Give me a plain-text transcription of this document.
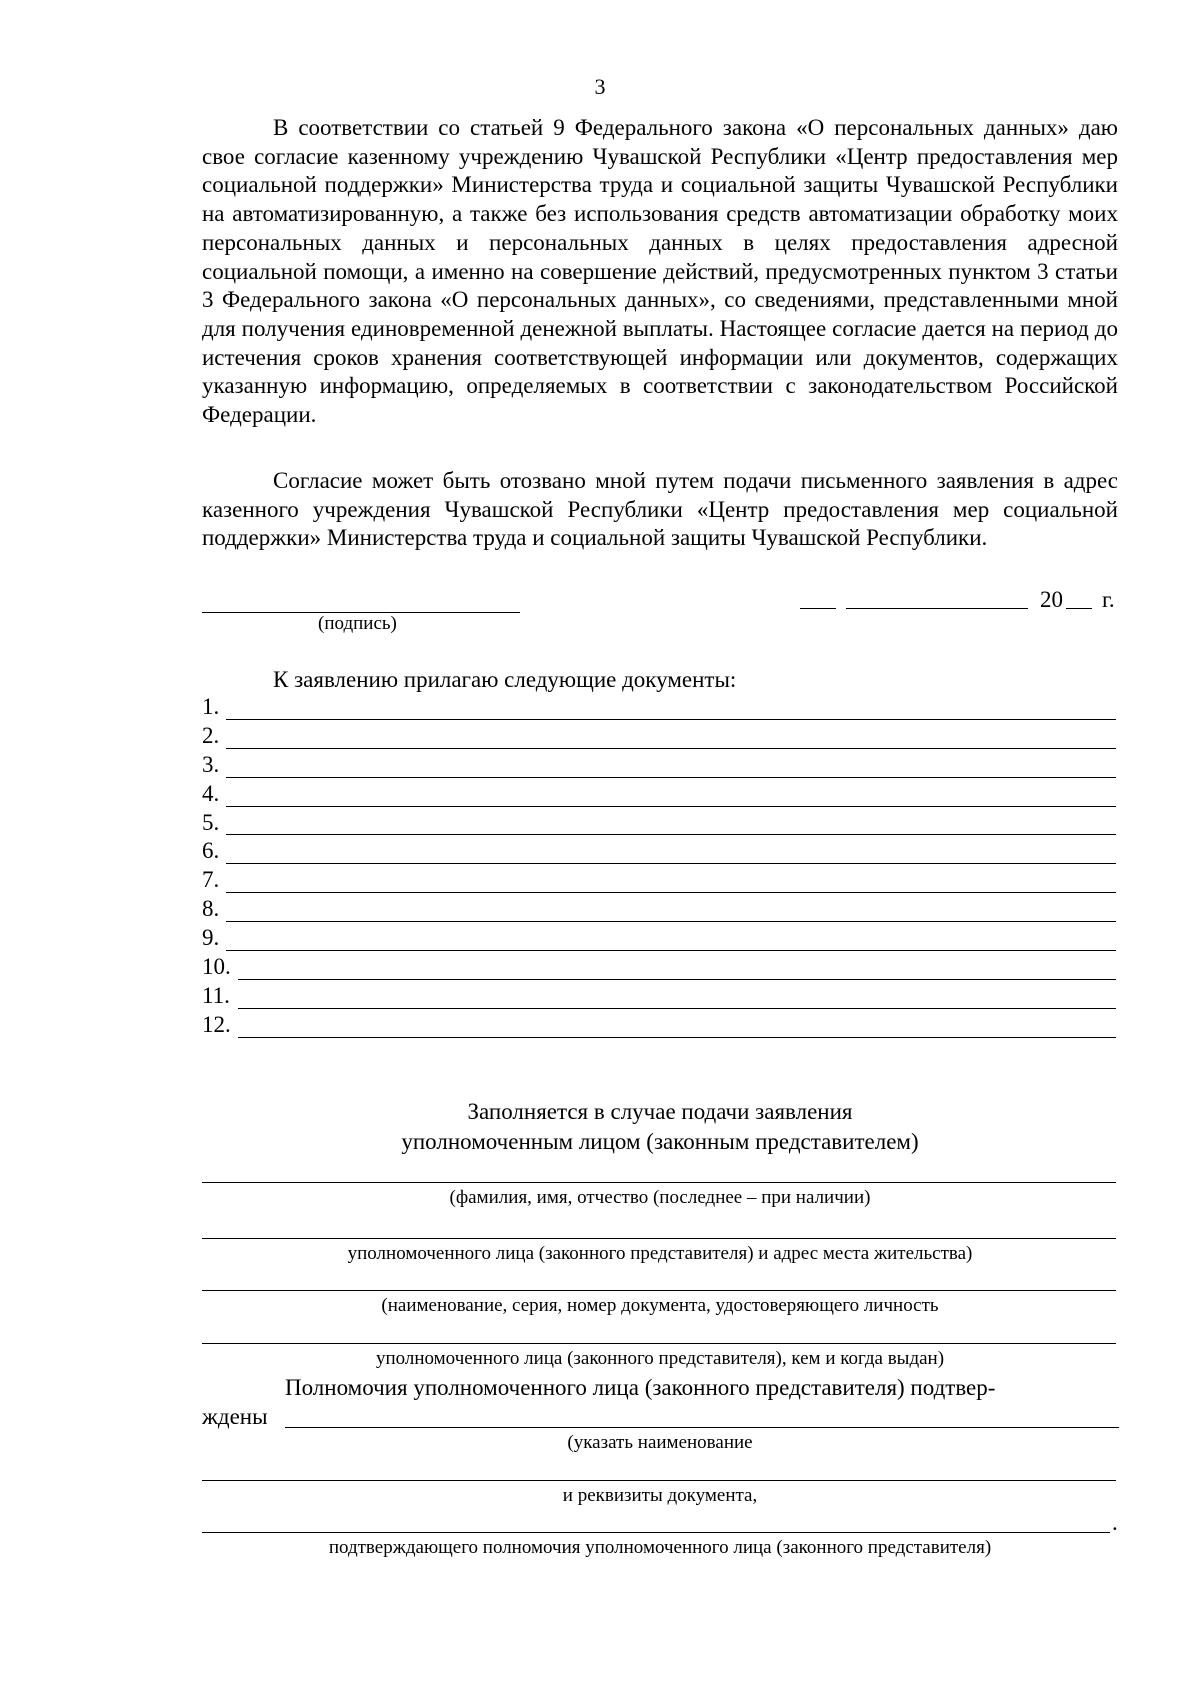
3

В соответствии со статьей 9 Федерального закона «О персональных данных» даю свое согласие казенному учреждению Чувашской Республики «Центр предоставления мер социальной поддержки» Министерства труда и социальной защиты Чувашской Республики на автоматизированную, а также без использования средств автоматизации обработку моих персональных данных и персональных данных в целях предоставления адресной социальной помощи, а именно на совершение действий, предусмотренных пунктом 3 статьи 3 Федерального закона «О персональных данных», со сведениями, представленными мной для получения единовременной денежной выплаты. Настоящее согласие дается на период до истечения сроков хранения соответствующей информации или документов, содержащих указанную информацию, определяемых в соответствии с законодательством Российской Федерации.

Согласие может быть отозвано мной путем подачи письменного заявления в адрес казенного учреждения Чувашской Республики «Центр предоставления мер социальной поддержки» Министерства труда и социальной защиты Чувашской Республики.

(подпись)
20 г.
К заявлению прилагаю следующие документы:
1.
2.
3.
4.
5.
6.
7.
8.
9.
10.
11.
12.
Заполняется в случае подачи заявления
уполномоченным лицом (законным представителем)
(фамилия, имя, отчество (последнее – при наличии)
уполномоченного лица (законного представителя) и адрес места жительства)
(наименование, серия, номер документа, удостоверяющего личность
уполномоченного лица (законного представителя), кем и когда выдан)
Полномочия уполномоченного лица (законного представителя) подтвер-
ждены
(указать наименование
и реквизиты документа,
.
подтверждающего полномочия уполномоченного лица (законного представителя)
